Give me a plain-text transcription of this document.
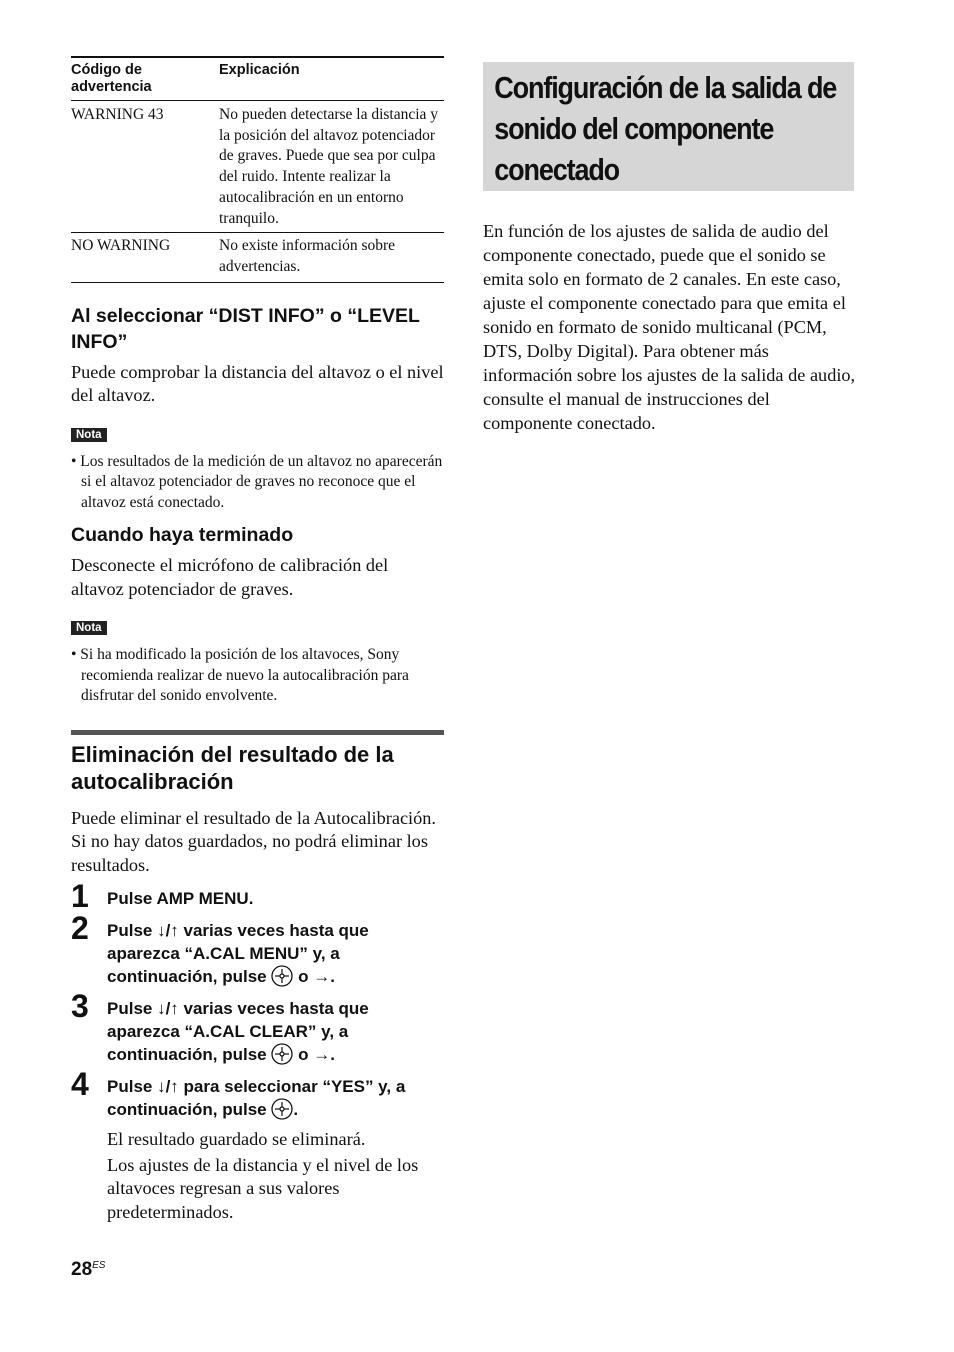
Código de advertencia	Explicación
WARNING 43	No pueden detectarse la distancia y la posición del altavoz potenciador de graves. Puede que sea por culpa del ruido. Intente realizar la autocalibración en un entorno tranquilo.
NO WARNING	No existe información sobre advertencias.
Al seleccionar “DIST INFO” o “LEVEL INFO”

Puede comprobar la distancia del altavoz o el nivel del altavoz.

Nota

• Los resultados de la medición de un altavoz no aparecerán si el altavoz potenciador de graves no reconoce que el altavoz está conectado.

Cuando haya terminado

Desconecte el micrófono de calibración del altavoz potenciador de graves.

Nota

• Si ha modificado la posición de los altavoces, Sony recomienda realizar de nuevo la autocalibración para disfrutar del sonido envolvente.

Eliminación del resultado de la autocalibración

Puede eliminar el resultado de la Autocalibración. Si no hay datos guardados, no podrá eliminar los resultados.

1 Pulse AMP MENU.

2 Pulse ↓/↑ varias veces hasta que aparezca “A.CAL MENU” y, a continuación, pulse o →.

3 Pulse ↓/↑ varias veces hasta que aparezca “A.CAL CLEAR” y, a continuación, pulse o →.

4 Pulse ↓/↑ para seleccionar “YES” y, a continuación, pulse .

El resultado guardado se eliminará.

Los ajustes de la distancia y el nivel de los altavoces regresan a sus valores predeterminados.

$28^{ES}$
Configuración de la salida de sonido del componente conectado

En función de los ajustes de salida de audio del componente conectado, puede que el sonido se emita solo en formato de 2 canales. En este caso, ajuste el componente conectado para que emita el sonido en formato de sonido multicanal (PCM, DTS, Dolby Digital). Para obtener más información sobre los ajustes de la salida de audio, consulte el manual de instrucciones del componente conectado.
